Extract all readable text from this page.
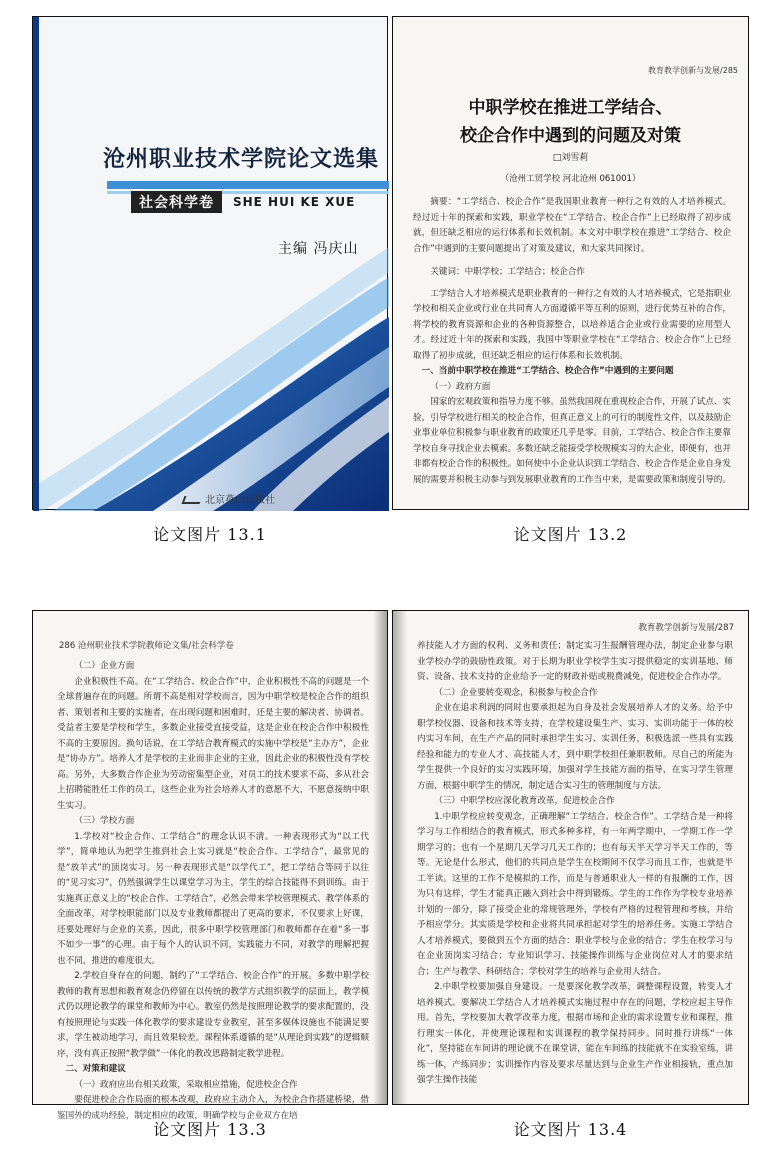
沧州职业技术学院论文选集
社会科学卷	SHE HUI KE XUE
主编 冯庆山
北京燕山出版社
论文图片 13.1
教育教学创新与发展/285
中职学校在推进工学结合、
校企合作中遇到的问题及对策
□刘雪莉
（沧州工贸学校 河北沧州 061001）

摘要：“工学结合、校企合作”是我国职业教育一种行之有效的人才培养模式。经过近十年的探索和实践，职业学校在“工学结合、校企合作”上已经取得了初步成就，但还缺乏相应的运行体系和长效机制。本文对中职学校在推进“工学结合、校企合作”中遇到的主要问题提出了对策及建议，和大家共同探讨。

关键词：中职学校；工学结合；校企合作

工学结合人才培养模式是职业教育的一种行之有效的人才培养模式，它是指职业学校和相关企业或行业在共同育人方面遵循平等互利的原则，进行优势互补的合作，将学校的教育资源和企业的各种资源整合，以培养适合企业或行业需要的应用型人才。经过近十年的探索和实践，我国中等职业学校在“工学结合、校企合作”上已经取得了初步成就，但还缺乏相应的运行体系和长效机制。

一、当前中职学校在推进“工学结合、校企合作”中遇到的主要问题

（一）政府方面

国家的宏观政策和指导力度不够。虽然我国现在重视校企合作，开展了试点、实验，引导学校进行相关的校企合作，但真正意义上的可行的制度性文件，以及鼓励企业事业单位积极参与职业教育的政策还几乎是零。目前，工学结合、校企合作主要靠学校自身寻找企业去模索。多数还缺乏能接受学校规模实习的大企业，即便有，也并非都有校企合作的积极性。如何使中小企业认识到工学结合、校企合作是企业自身发展的需要并积极主动参与到发展职业教育的工作当中来，是需要政策和制度引导的。

论文图片 13.2
286 沧州职业技术学院教师论文集/社会科学卷

（二）企业方面

企业积极性不高。在“工学结合、校企合作”中，企业积极性不高的问题是一个全球普遍存在的问题。所谓不高是相对学校而言，因为中职学校是校企合作的组织者、策划者和主要的实施者，在出现问题和困难时，还是主要的解决者、协调者。受益者主要是学校和学生，多数企业接受直接受益，这是企业在校企合作中积极性不高的主要原因。换句话说，在工学结合教育模式的实施中学校是“主办方”，企业是“协办方”。培养人才是学校的主业而非企业的主业，因此企业的积极性没有学校高。另外，大多数合作企业为劳动密集型企业，对员工的技术要求不高，多从社会上招聘能胜任工作的员工，这些企业为社会培养人才的意愿不大，不愿意接纳中职生实习。

（三）学校方面

1.学校对“校企合作、工学结合”的理念认识不清。一种表现形式为“以工代学”，简单地认为把学生推到社会上实习就是“校企合作、工学结合”，最常见的是“放羊式”的顶岗实习。另一种表现形式是“以学代工”，把工学结合等同于以往的“见习实习”，仍然强调学生以课堂学习为主，学生的综合技能得不到训练。由于实施真正意义上的“校企合作、工学结合”，必然会带来学校管理模式、教学体系的全面改革，对学校职能部门以及专业教师都提出了更高的要求，不仅要求上好课，还要处理好与企业的关系，因此，很多中职学校管理部门和教师都存在着“多一事不如少一事”的心理。由于每个人的认识不同，实践能力不同，对教学的理解把握也不同，推进的难度很大。

2.学校自身存在的问题，制约了“工学结合、校企合作”的开展。多数中职学校教师的教育思想和教育观念仍停留在以传统的教学方式组织教学的层面上，教学模式仍以理论教学的课堂和教师为中心。教室仍然是按照理论教学的要求配置的，没有按照理论与实践一体化教学的要求建设专业教室，甚至多媒体设施也不能满足要求，学生被动地学习，而且效果较差。课程体系遵循的是“从理论到实践”的逻辑顺序，没有真正按照“教学做”一体化的教改思路制定教学进程。

二、对策和建议

（一）政府应出台相关政策，采取相应措施，促进校企合作

要促进校企合作局面的根本改观，政府应主动介入，为校企合作搭建桥梁，借鉴国外的成功经验，制定相应的政策，明确学校与企业双方在培

论文图片 13.3
教育教学创新与发展/287

养技能人才方面的权利、义务和责任；制定实习生报酬管理办法，制定企业参与职业学校办学的鼓励性政策。对于长期为职业学校学生实习提供稳定的实训基地、师资、设备、技术支持的企业给予一定的财政补贴或税费减免，促进校企合作办学。

（二）企业要转变观念，积极参与校企合作

企业在追求利润的同时也要承担起为自身及社会发展培养人才的义务。给予中职学校仪器、设备和技术等支持，在学校建设集生产、实习、实训功能于一体的校内实习车间，在生产产品的同时承担学生实习、实训任务，积极选派一些具有实践经验和能力的专业人才、高技能人才，到中职学校担任兼职教师。尽自己的所能为学生提供一个良好的实习实践环境，加强对学生技能方面的指导，在实习学生管理方面，根据中职学生的情况，制定适合实习生的管理制度与方法。

（三）中职学校应深化教育改革，促进校企合作

1.中职学校应转变观念，正确理解“工学结合、校企合作”。工学结合是一种将学习与工作相结合的教育模式，形式多种多样，有一年两学期中，一学期工作一学期学习的；也有一个星期几天学习几天工作的；也有每天半天学习半天工作的，等等。无论是什么形式，他们的共同点是学生在校期间不仅学习而且工作，也就是半工半读。这里的工作不是模拟的工作，而是与普通职业人一样的有报酬的工作，因为只有这样，学生才能真正融入到社会中得到锻炼。学生的工作作为学校专业培养计划的一部分，除了接受企业的常规管理外，学校有严格的过程管理和考核，并给予相应学分。其实质是学校和企业将共同承担起对学生的培养任务。实施工学结合人才培养模式，要做到五个方面的结合：职业学校与企业的结合；学生在校学习与在企业顶岗实习结合；专业知识学习、技能操作训练与企业岗位对人才的要求结合；生产与教学、科研结合；学校对学生的培养与企业用人结合。

2.中职学校要加强自身建设。一是要深化教学改革，调整课程设置，转变人才培养模式。要解决工学结合人才培养模式实施过程中存在的问题，学校应起主导作用。首先，学校要加大教学改革力度，根据市场和企业的需求设置专业和课程，推行理实一体化，并使理论课程和实训课程的教学保持同步。同时推行讲练“一体化”，坚持能在车间讲的理论就不在课堂讲，能在车间练的技能就不在实验室练，讲练一体，产练同步；实训操作内容及要求尽量达到与企业生产作业相接轨，重点加强学生操作技能

论文图片 13.4
